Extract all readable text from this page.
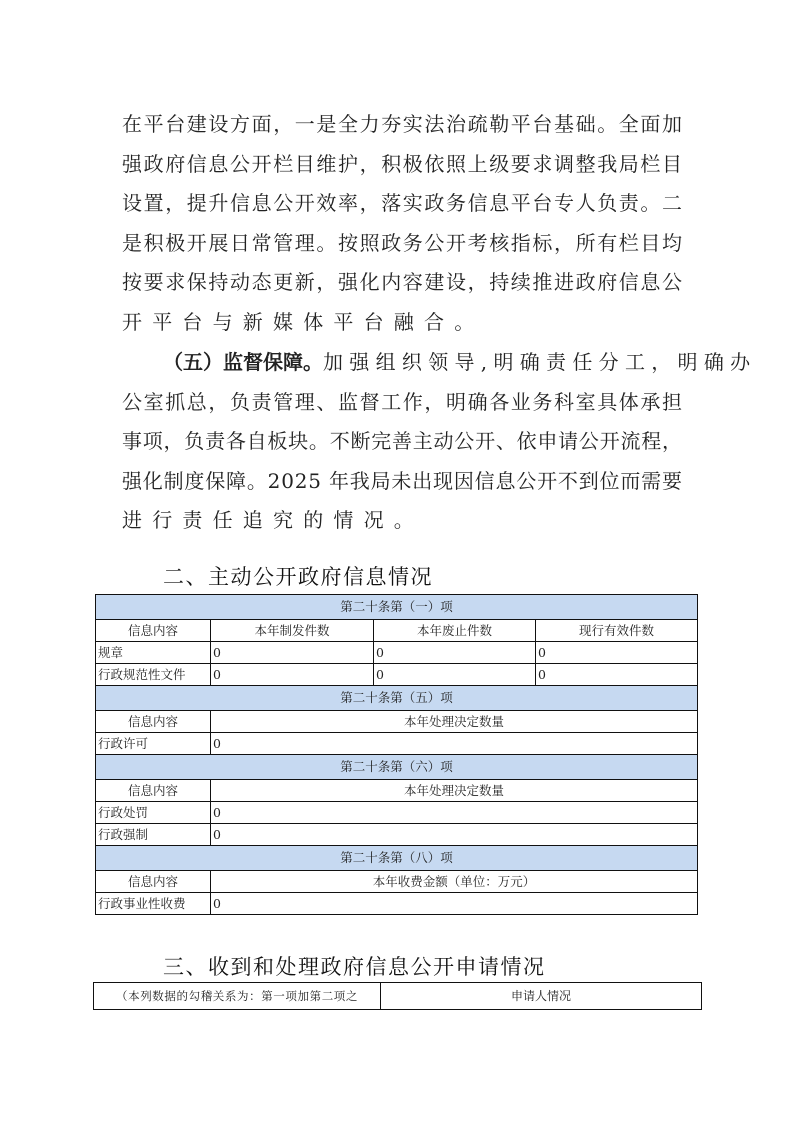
在平台建设方面，一是全力夯实法治疏勒平台基础。全面加
强政府信息公开栏目维护，积极依照上级要求调整我局栏目
设置，提升信息公开效率，落实政务信息平台专人负责。二
是积极开展日常管理。按照政务公开考核指标，所有栏目均
按要求保持动态更新，强化内容建设，持续推进政府信息公
开平台与新媒体平台融合。
（五）监督保障。加强组织领导,明确责任分工，明确办
公室抓总，负责管理、监督工作，明确各业务科室具体承担
事项，负责各自板块。不断完善主动公开、依申请公开流程，
强化制度保障。2025 年我局未出现因信息公开不到位而需要
进行责任追究的情况。
二、主动公开政府信息情况
第二十条第（一）项			
信息内容	本年制发件数	本年废止件数	现行有效件数
规章	0	0	0
行政规范性文件	0	0	0
第二十条第（五）项			
信息内容	本年处理决定数量		
行政许可	0		
第二十条第（六）项			
信息内容	本年处理决定数量		
行政处罚	0		
行政强制	0		
第二十条第（八）项			
信息内容	本年收费金额（单位：万元）		
行政事业性收费	0		
三、收到和处理政府信息公开申请情况
（本列数据的勾稽关系为：第一项加第二项之	申请人情况
